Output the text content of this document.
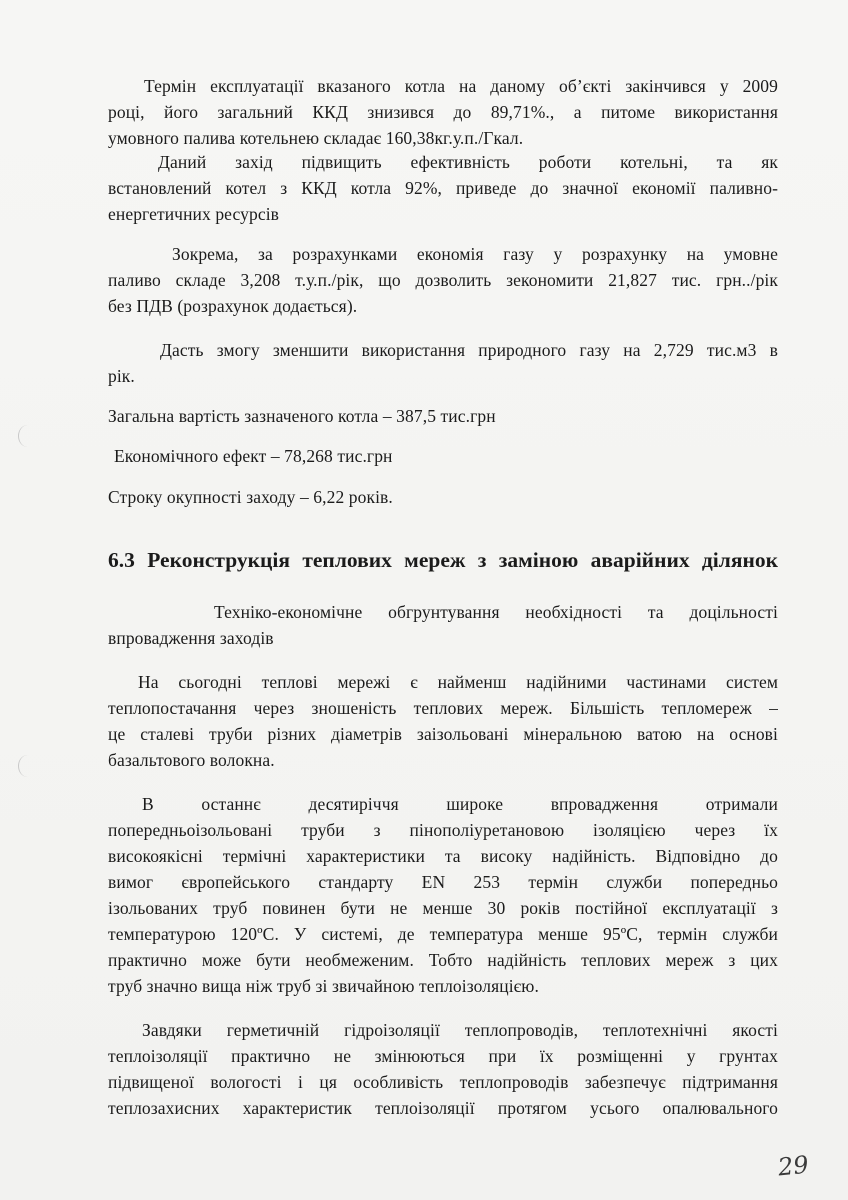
Термін експлуатації вказаного котла на даному об’єкті закінчився у 2009
році, його загальний ККД знизився до 89,71%., а питоме використання
умовного палива котельнею складає 160,38кг.у.п./Гкал.
Даний захід підвищить ефективність роботи котельні, та як
встановлений котел з ККД котла 92%, приведе до значної економії паливно-
енергетичних ресурсів
Зокрема, за розрахунками економія газу у розрахунку на умовне
паливо складе 3,208 т.у.п./рік, що дозволить зекономити 21,827 тис. грн../рік
без ПДВ (розрахунок додається).
Дасть змогу зменшити використання природного газу на 2,729 тис.м3 в
рік.
Загальна вартість зазначеного котла – 387,5 тис.грн
Економічного ефект – 78,268 тис.грн
Строку окупності заходу – 6,22 років.
6.3 Реконструкція теплових мереж з заміною аварійних ділянок
Техніко-економічне обгрунтування необхідності та доцільності
впровадження заходів
На сьогодні теплові мережі є найменш надійними частинами систем
теплопостачання через зношеність теплових мереж. Більшість тепломереж –
це сталеві труби різних діаметрів заізольовані мінеральною ватою на основі
базальтового волокна.
В останнє десятиріччя широке впровадження отримали
попередньоізольовані труби з пінополіуретановою ізоляцією через їх
високоякісні термічні характеристики та високу надійність. Відповідно до
вимог європейського стандарту EN 253 термін служби попередньо
ізольованих труб повинен бути не менше 30 років постійної експлуатації з
температурою 120ºС. У системі, де температура менше 95ºС, термін служби
практично може бути необмеженим. Тобто надійність теплових мереж з цих
труб значно вища ніж труб зі звичайною теплоізоляцією.
Завдяки герметичній гідроізоляції теплопроводів, теплотехнічні якості
теплоізоляції практично не змінюються при їх розміщенні у грунтах
підвищеної вологості і ця особливість теплопроводів забезпечує підтримання
теплозахисних характеристик теплоізоляції протягом усього опалювального
29
